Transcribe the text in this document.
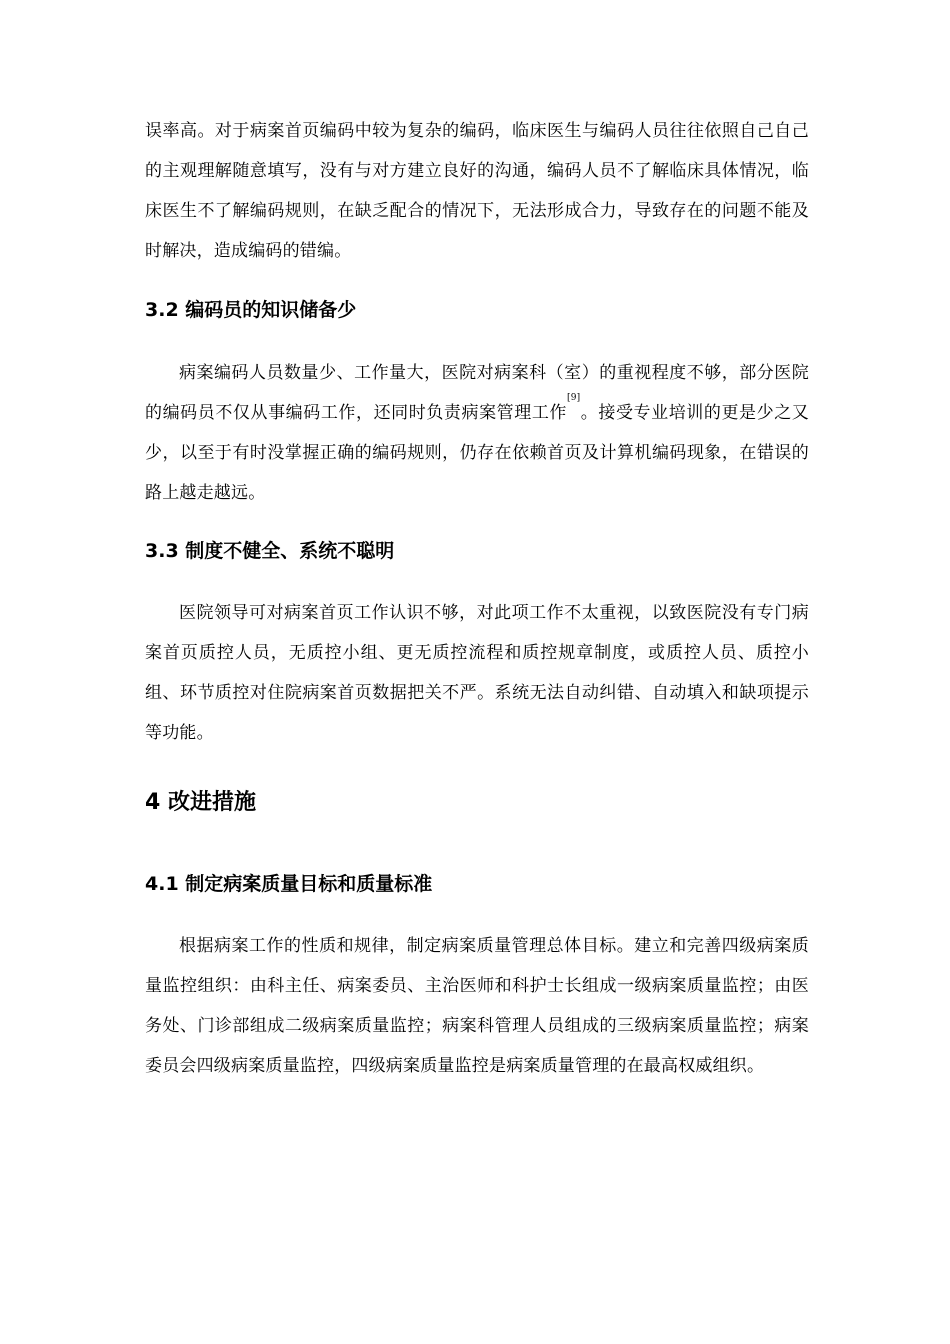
误率高。对于病案首页编码中较为复杂的编码，临床医生与编码人员往往依照自己自己的主观理解随意填写，没有与对方建立良好的沟通，编码人员不了解临床具体情况，临床医生不了解编码规则，在缺乏配合的情况下，无法形成合力，导致存在的问题不能及时解决，造成编码的错编。

3.2 编码员的知识储备少

病案编码人员数量少、工作量大，医院对病案科（室）的重视程度不够，部分医院的编码员不仅从事编码工作，还同时负责病案管理工作[9]。接受专业培训的更是少之又少，以至于有时没掌握正确的编码规则，仍存在依赖首页及计算机编码现象，在错误的路上越走越远。

3.3 制度不健全、系统不聪明

医院领导可对病案首页工作认识不够，对此项工作不太重视，以致医院没有专门病案首页质控人员，无质控小组、更无质控流程和质控规章制度，或质控人员、质控小组、环节质控对住院病案首页数据把关不严。系统无法自动纠错、自动填入和缺项提示等功能。

4 改进措施
4.1 制定病案质量目标和质量标准

根据病案工作的性质和规律，制定病案质量管理总体目标。建立和完善四级病案质量监控组织：由科主任、病案委员、主治医师和科护士长组成一级病案质量监控；由医务处、门诊部组成二级病案质量监控；病案科管理人员组成的三级病案质量监控；病案委员会四级病案质量监控，四级病案质量监控是病案质量管理的在最高权威组织。
